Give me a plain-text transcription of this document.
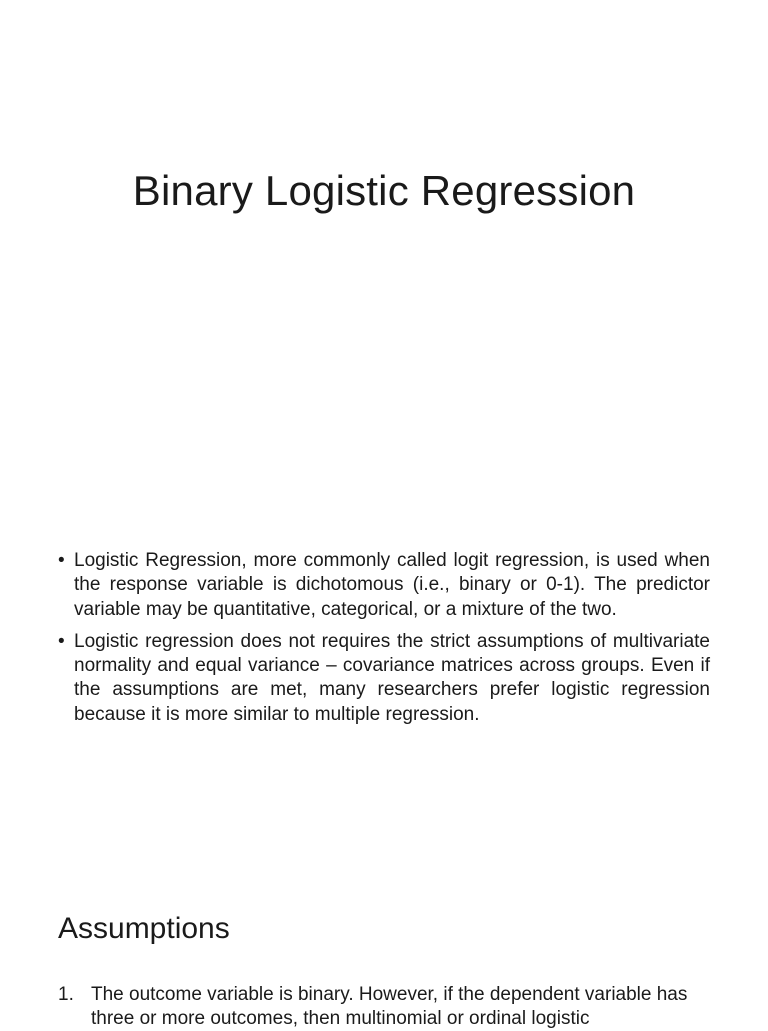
Binary Logistic Regression
• Logistic Regression, more commonly called logit regression, is used when the response variable is dichotomous (i.e., binary or 0-1). The predictor variable may be quantitative, categorical, or a mixture of the two.
• Logistic regression does not requires the strict assumptions of multivariate normality and equal variance – covariance matrices across groups. Even if the assumptions are met, many researchers prefer logistic regression because it is more similar to multiple regression.
Assumptions
1. The outcome variable is binary. However, if the dependent variable has three or more outcomes, then multinomial or ordinal logistic
